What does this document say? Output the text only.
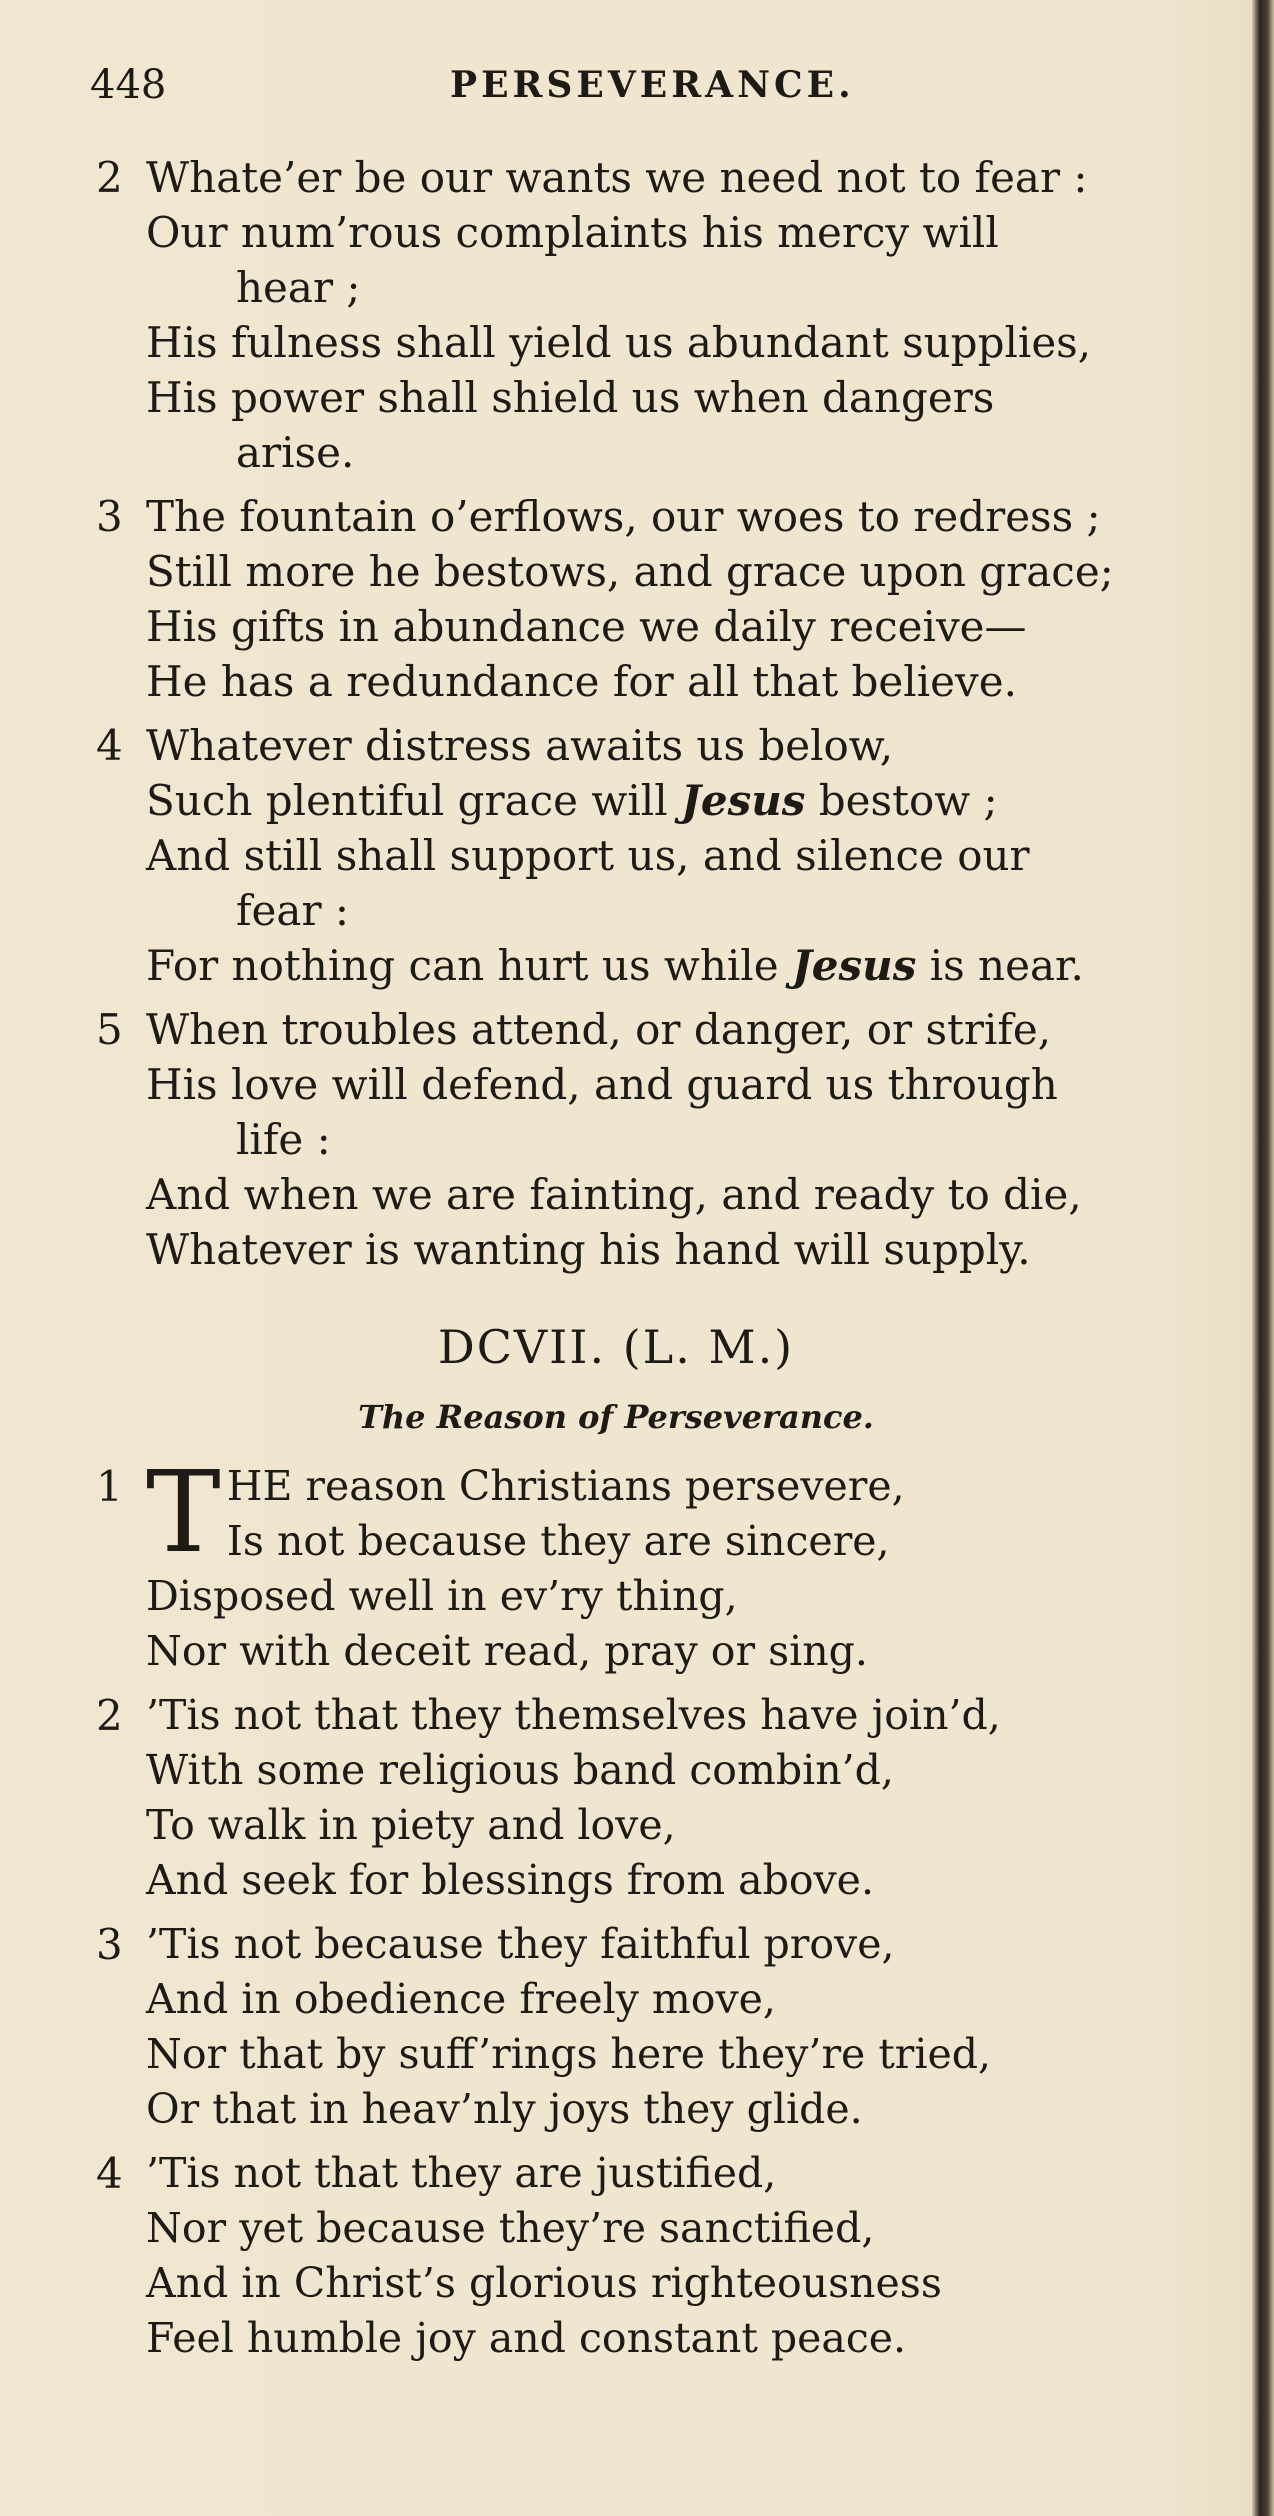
448	PERSEVERANCE.
2 Whate’er be our wants we need not to fear :
Our num’rous complaints his mercy will
hear ;
His fulness shall yield us abundant supplies,
His power shall shield us when dangers
arise.
3 The fountain o’erflows, our woes to redress ;
Still more he bestows, and grace upon grace;
His gifts in abundance we daily receive—
He has a redundance for all that believe.
4 Whatever distress awaits us below,
Such plentiful grace will Jesus bestow ;
And still shall support us, and silence our
fear :
For nothing can hurt us while Jesus is near.
5 When troubles attend, or danger, or strife,
His love will defend, and guard us through
life :
And when we are fainting, and ready to die,
Whatever is wanting his hand will supply.
DCVII. (L. M.)
The Reason of Perseverance.
1 T HE reason Christians persevere,
Is not because they are sincere,
Disposed well in ev’ry thing,
Nor with deceit read, pray or sing.
2 ’Tis not that they themselves have join’d,
With some religious band combin’d,
To walk in piety and love,
And seek for blessings from above.
3 ’Tis not because they faithful prove,
And in obedience freely move,
Nor that by suff’rings here they’re tried,
Or that in heav’nly joys they glide.
4 ’Tis not that they are justified,
Nor yet because they’re sanctified,
And in Christ’s glorious righteousness
Feel humble joy and constant peace.
